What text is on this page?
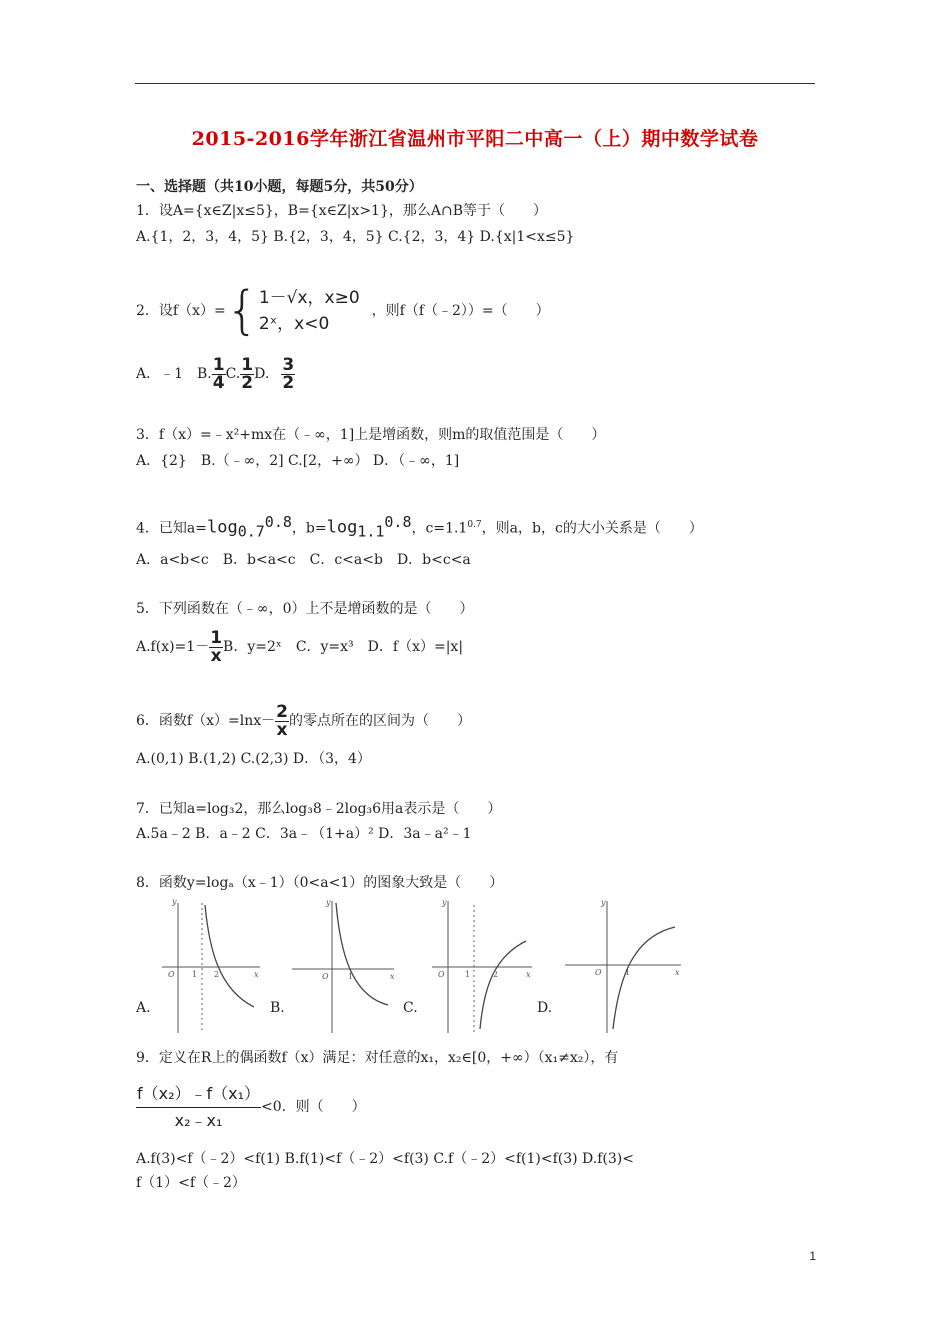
2015-2016学年浙江省温州市平阳二中高一（上）期中数学试卷
一、选择题（共10小题，每题5分，共50分）
1．设A={x∈Z|x≤5}，B={x∈Z|x>1}，那么A∩B等于（　　）
A.{1，2，3，4，5} B.{2，3，4，5} C.{2，3，4} D.{x|1<x≤5}
2．设f（x）={ 1－√x，x≥0
2ˣ，x<0
，则f（f（﹣2））=（　　）
A．﹣1　B. $\frac{1}{4} C$. $\frac{1}{2} D$. $\frac{3}{2}$
3．f（x）=﹣x²+mx在（﹣∞，1]上是增函数，则m的取值范围是（　　）
A．{2}　B.（﹣∞，2] C.[2，+∞） D．（﹣∞，1]
4．已知$a=\log_{0.7}^{0.8}$，$b=\log_{1.1}^{0.8}$，$c=1.1^{0.7}$，则a，b，c的大小关系是（　　）
A．a<b<c　B．b<a<c　C．c<a<b　D．b<c<a
5．下列函数在（﹣∞，0）上不是增函数的是（　　）
$A.f(x)=1- \frac{1}{x}$ B．y=2ˣ　C．y=x³　D．f（x）=|x|
6．函数$f(x)=\ln x- \frac{2}{x}$ 的零点所在的区间为（　　）
A.(0,1) B.(1,2) C.(2,3) D．（3，4）
7．已知a=log₃2，那么log₃8﹣2log₃6用a表示是（　　）
A.5a﹣2 B．a﹣2 C．3a﹣（1+a）² D．3a﹣a²﹣1
8．函数y=logₐ（x﹣1）（0<a<1）的图象大致是（　　）
y
x
O 1 2
A.
y
x
O 1
B.
y
x
O	1	2
C.
y
x
O	1
D.
9．定义在R上的偶函数f（x）满足：对任意的x₁，x₂∈[0，+∞）（x₁≠x₂），有
$\frac{\text{f（x₂）﹣f（x₁）}}{\text{x₂﹣x₁}} <0$．则（　　）
A.f(3)<f（﹣2）<f(1) B.f(1)<f（﹣2）<f(3) C.f（﹣2）<f(1)<f(3) D.f(3)<
f（1）<f（﹣2）
1
